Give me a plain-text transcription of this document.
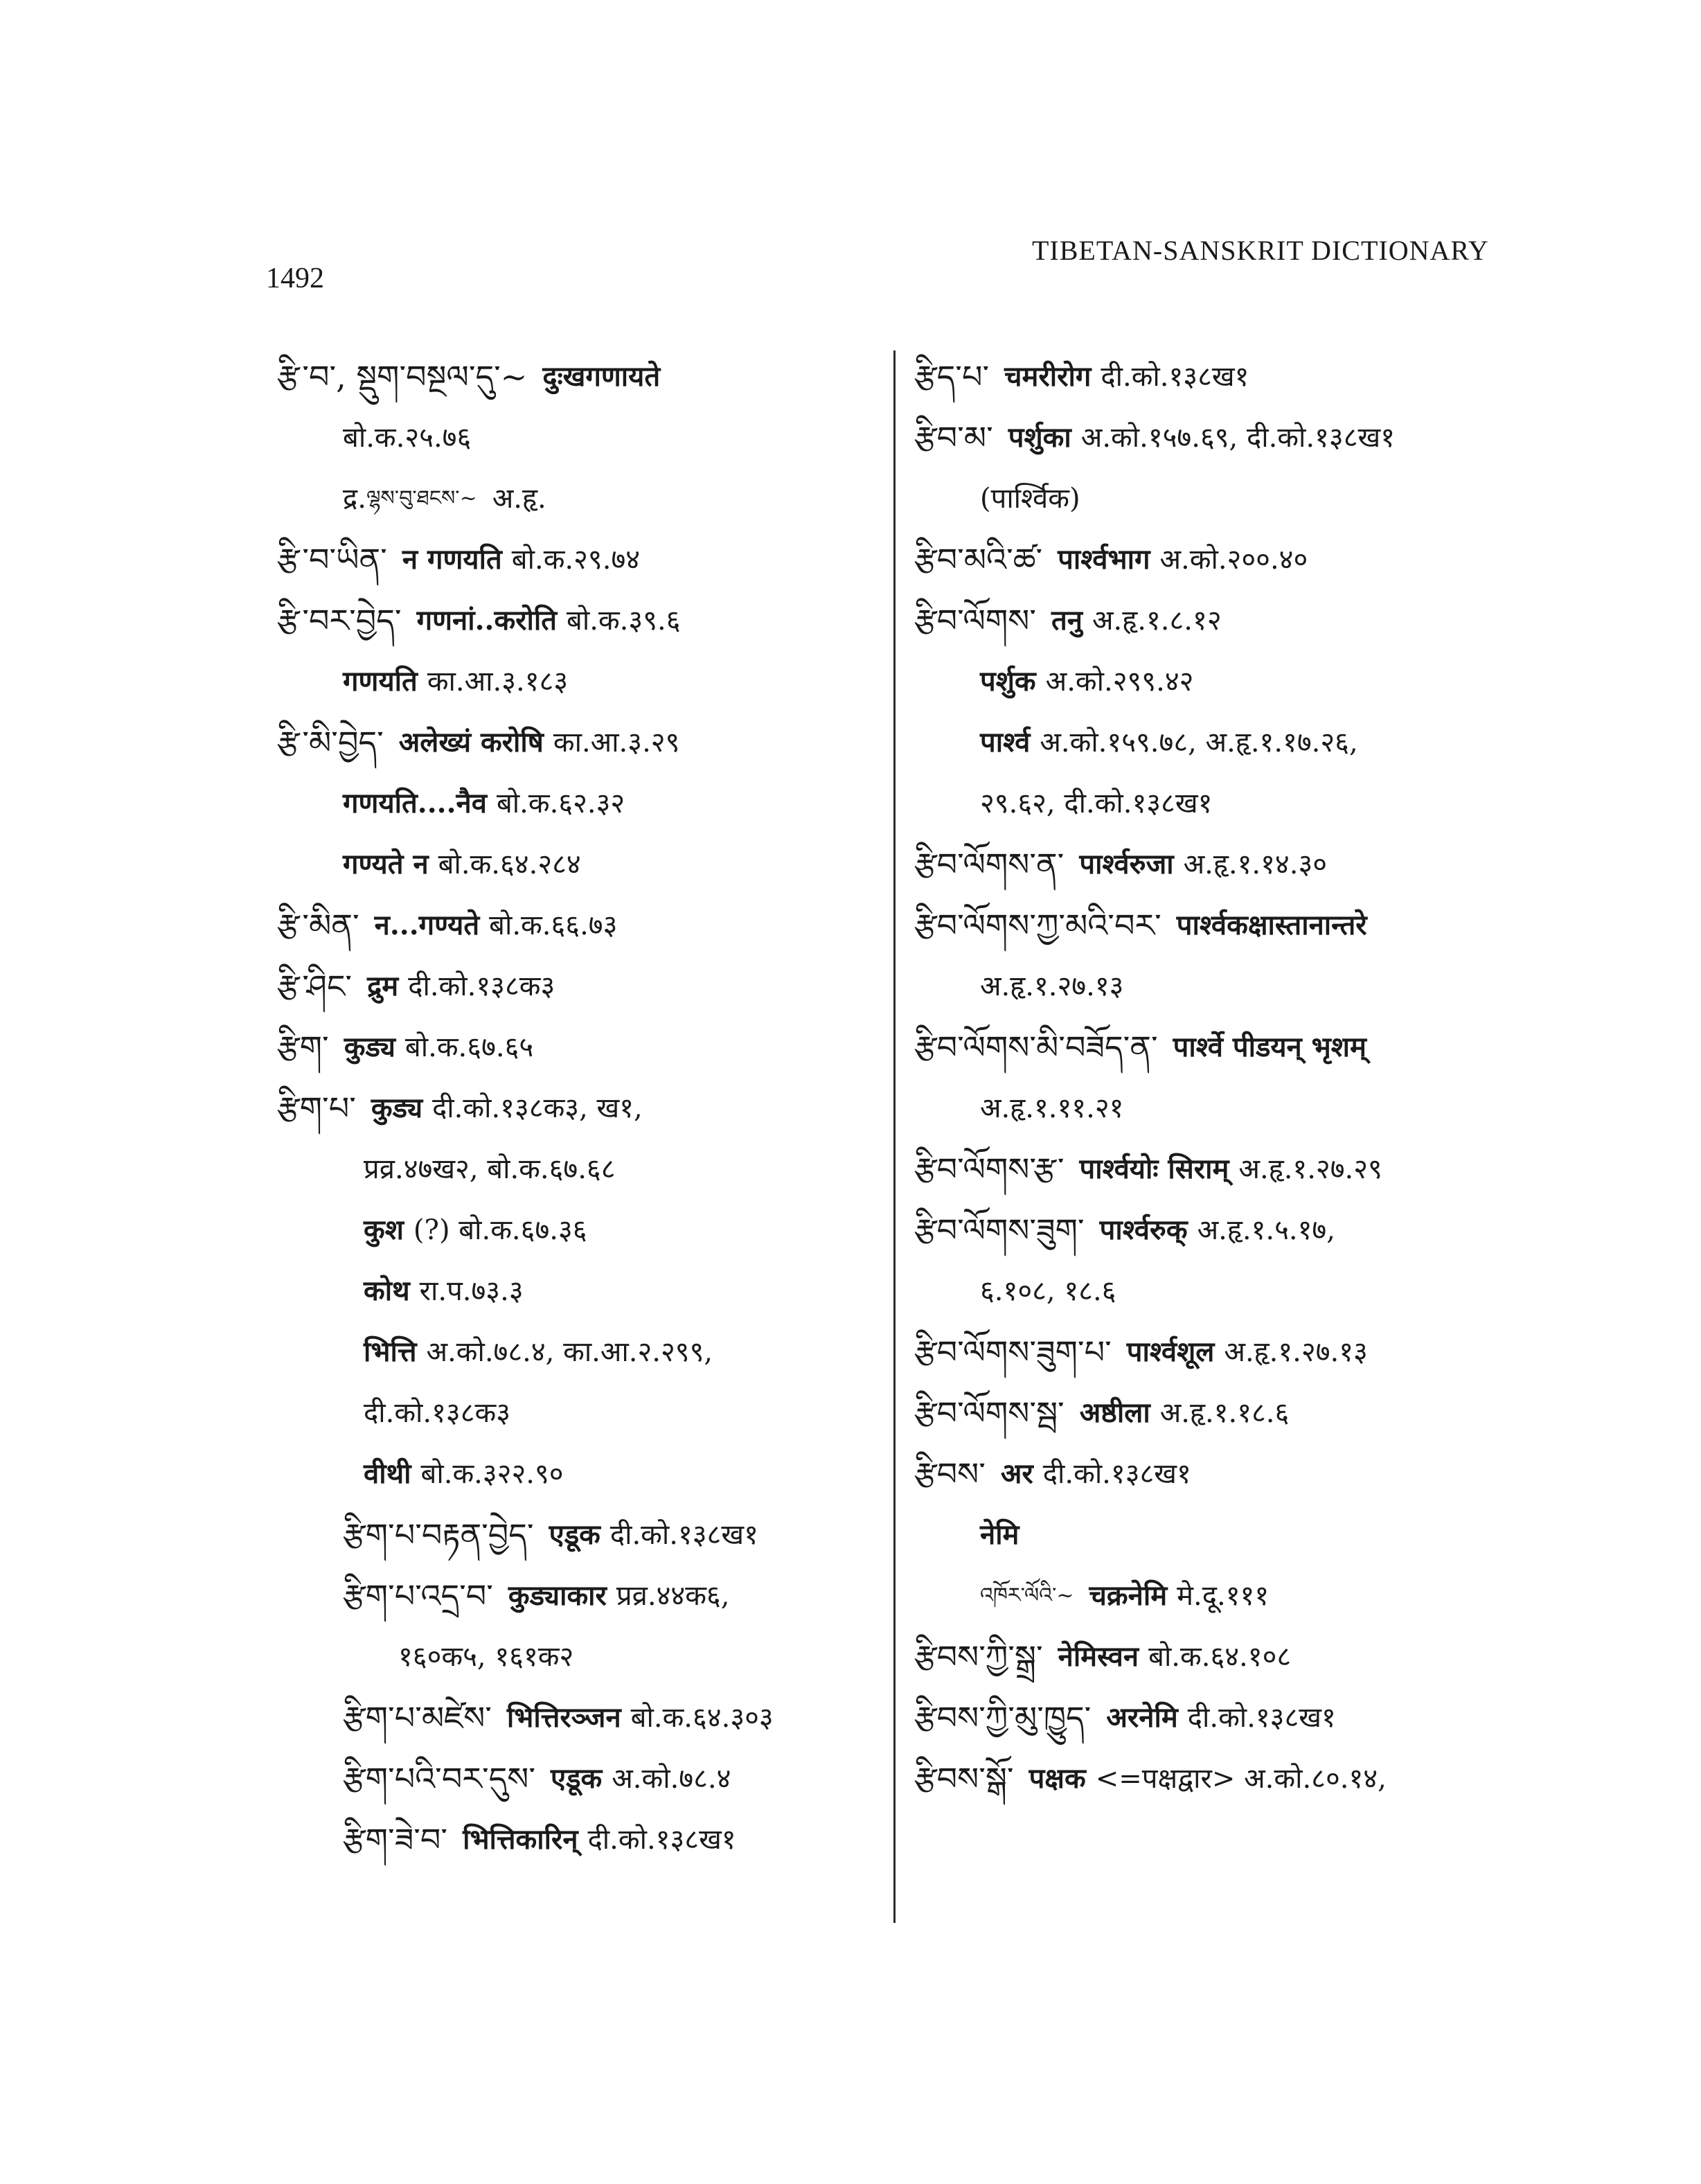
1492
TIBETAN-SANSKRIT DICTIONARY
རྩི་བ་, སྡུག་བསྔལ་དུ་~ दुःखगणायते
बो.क.२५.७६
द्र. ལྷས་བུ་ཐངས་~ अ.हृ.
རྩི་བ་ཡིན་ न गणयति बो.क.२९.७४
རྩི་བར་བྱེད་ गणनां..करोति बो.क.३९.६
गणयति का.आ.३.१८३
རྩི་མི་བྱེད་ अलेख्यं करोषि का.आ.३.२९
गणयति....नैव बो.क.६२.३२
गण्यते न बो.क.६४.२८४
རྩི་མིན་ न...गण्यते बो.क.६६.७३
རྩི་ཤིང་ द्रुम दी.को.१३८क३
རྩིག་ कुड्य बो.क.६७.६५
རྩིག་པ་ कुड्य दी.को.१३८क३, ख१,
प्रव्र.४७ख२, बो.क.६७.६८
कुश (?) बो.क.६७.३६
कोथ रा.प.७३.३
भित्ति अ.को.७८.४, का.आ.२.२९९,
दी.को.१३८क३
वीथी बो.क.३२२.९०
རྩིག་པ་བརྟན་བྱེད་ एडूक दी.को.१३८ख१
རྩིག་པ་འདྲ་བ་ कुड्याकार प्रव्र.४४क६,
१६०क५, १६१क२
རྩིག་པ་མཛེས་ भित्तिरञ्जन बो.क.६४.३०३
རྩིག་པའི་བར་དུས་ एडूक अ.को.७८.४
རྩིག་ཟེ་བ་ भित्तिकारिन् दी.को.१३८ख१
རྩིད་པ་ चमरीरोग दी.को.१३८ख१
རྩིབ་མ་ पर्शुका अ.को.१५७.६९, दी.को.१३८ख१
(पार्श्विक)
རྩིབ་མའི་ཚ་ पार्श्वभाग अ.को.२००.४०
རྩིབ་ལོགས་ तनु अ.हृ.१.८.१२
पर्शुक अ.को.२९९.४२
पार्श्व अ.को.१५९.७८, अ.हृ.१.१७.२६,
२९.६२, दी.को.१३८ख१
རྩིབ་ལོགས་ན་ पार्श्वरुजा अ.हृ.१.१४.३०
རྩིབ་ལོགས་ཀྱ་མའི་བར་ पार्श्वकक्षास्तानान्तरे
अ.हृ.१.२७.१३
རྩིབ་ལོགས་མི་བཟོད་ན་ पार्श्वे पीडयन् भृशम्
अ.हृ.१.११.२१
རྩིབ་ལོགས་རྩ་ पार्श्वयोः सिराम् अ.हृ.१.२७.२९
རྩིབ་ལོགས་ཟུག་ पार्श्वरुक् अ.हृ.१.५.१७,
६.१०८, १८.६
རྩིབ་ལོགས་ཟུག་པ་ पार्श्वशूल अ.हृ.१.२७.१३
རྩིབ་ལོགས་སྦ་ अष्ठीला अ.हृ.१.१८.६
རྩིབས་ अर दी.को.१३८ख१
नेमि
འཁོར་ལོའི་~ चक्रनेमि मे.दू.१११
རྩིབས་ཀྱི་སྒྲ་ नेमिस्वन बो.क.६४.१०८
རྩིབས་ཀྱི་མུ་ཁྱུད་ अरनेमि दी.को.१३८ख१
རྩིབས་སྒོ་ पक्षक <=पक्षद्वार> अ.को.८०.१४,
